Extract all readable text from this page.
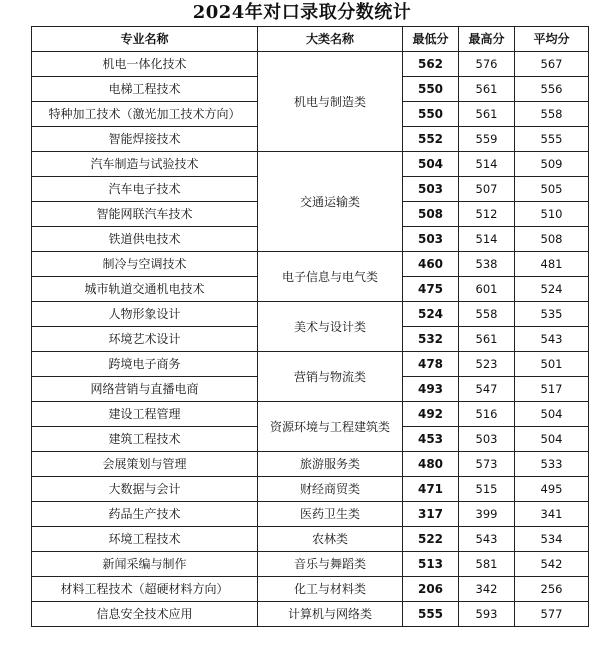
2024年对口录取分数统计
专业名称	大类名称	最低分	最高分	平均分
机电一体化技术	机电与制造类	562	576	567
电梯工程技术		550	561	556
特种加工技术（激光加工技术方向）		550	561	558
智能焊接技术		552	559	555
汽车制造与试验技术	交通运输类	504	514	509
汽车电子技术		503	507	505
智能网联汽车技术		508	512	510
铁道供电技术		503	514	508
制冷与空调技术	电子信息与电气类	460	538	481
城市轨道交通机电技术		475	601	524
人物形象设计	美术与设计类	524	558	535
环境艺术设计		532	561	543
跨境电子商务	营销与物流类	478	523	501
网络营销与直播电商		493	547	517
建设工程管理	资源环境与工程建筑类	492	516	504
建筑工程技术		453	503	504
会展策划与管理	旅游服务类	480	573	533
大数据与会计	财经商贸类	471	515	495
药品生产技术	医药卫生类	317	399	341
环境工程技术	农林类	522	543	534
新闻采编与制作	音乐与舞蹈类	513	581	542
材料工程技术（超硬材料方向）	化工与材料类	206	342	256
信息安全技术应用	计算机与网络类	555	593	577
